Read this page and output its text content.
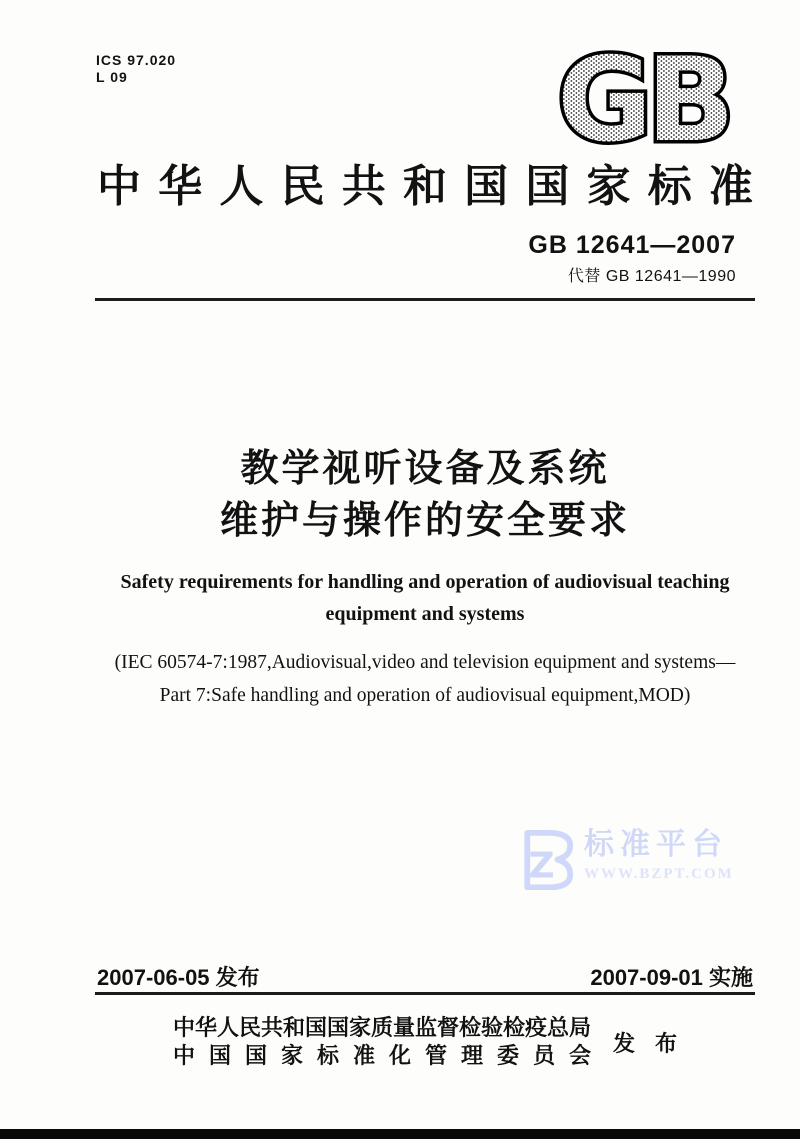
ICS 97.020
L 09	GB
中 华 人 民 共 和 国 国 家 标 准
GB 12641—2007
代替 GB 12641—1990
教学视听设备及系统
维护与操作的安全要求
Safety requirements for handling and operation of audiovisual teaching
equipment and systems
(IEC 60574-7:1987,Audiovisual,video and television equipment and systems—
Part 7:Safe handling and operation of audiovisual equipment,MOD)
Z
标准平台
WWW.BZPT.COM
2007-06-05 发布	2007-09-01 实施
中华人民共和国国家质量监督检验检疫总局
中 国 国 家 标 准 化 管 理 委 员 会 发 布
